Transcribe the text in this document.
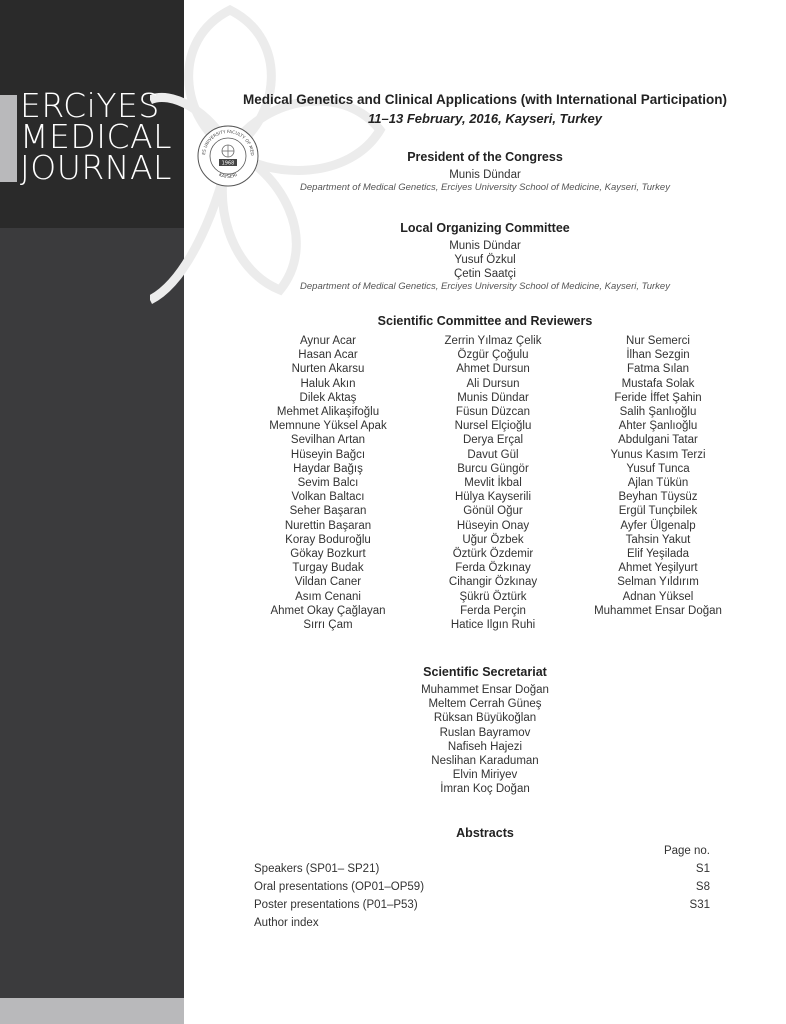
ERCiYES
MEDICAL
JOURNAL	ES UNIVERSITY FACULTY OF MED
KAYSERI
1968
Medical Genetics and Clinical Applications (with International Participation)
11–13 February, 2016, Kayseri, Turkey
President of the Congress
Munis Dündar
Department of Medical Genetics, Erciyes University School of Medicine, Kayseri, Turkey
Local Organizing Committee
Munis Dündar
Yusuf Özkul
Çetin Saatçi
Department of Medical Genetics, Erciyes University School of Medicine, Kayseri, Turkey
Scientific Committee and Reviewers
Aynur Acar
Hasan Acar
Nurten Akarsu
Haluk Akın
Dilek Aktaş
Mehmet Alikaşifoğlu
Memnune Yüksel Apak
Sevilhan Artan
Hüseyin Bağcı
Haydar Bağış
Sevim Balcı
Volkan Baltacı
Seher Başaran
Nurettin Başaran
Koray Boduroğlu
Gökay Bozkurt
Turgay Budak
Vildan Caner
Asım Cenani
Ahmet Okay Çağlayan
Sırrı Çam
Zerrin Yılmaz Çelik
Özgür Çoğulu
Ahmet Dursun
Ali Dursun
Munis Dündar
Füsun Düzcan
Nursel Elçioğlu
Derya Erçal
Davut Gül
Burcu Güngör
Mevlit İkbal
Hülya Kayserili
Gönül Oğur
Hüseyin Onay
Uğur Özbek
Öztürk Özdemir
Ferda Özkınay
Cihangir Özkınay
Şükrü Öztürk
Ferda Perçin
Hatice Ilgın Ruhi
Nur Semerci
İlhan Sezgin
Fatma Sılan
Mustafa Solak
Feride İffet Şahin
Salih Şanlıoğlu
Ahter Şanlıoğlu
Abdulgani Tatar
Yunus Kasım Terzi
Yusuf Tunca
Ajlan Tükün
Beyhan Tüysüz
Ergül Tunçbilek
Ayfer Ülgenalp
Tahsin Yakut
Elif Yeşilada
Ahmet Yeşilyurt
Selman Yıldırım
Adnan Yüksel
Muhammet Ensar Doğan
Scientific Secretariat
Muhammet Ensar Doğan
Meltem Cerrah Güneş
Rüksan Büyükoğlan
Ruslan Bayramov
Nafiseh Hajezi
Neslihan Karaduman
Elvin Miriyev
İmran Koç Doğan
Abstracts
Page no.
Speakers (SP01– SP21)	S1
Oral presentations (OP01–OP59)	S8
Poster presentations (P01–P53)	S31
Author index
